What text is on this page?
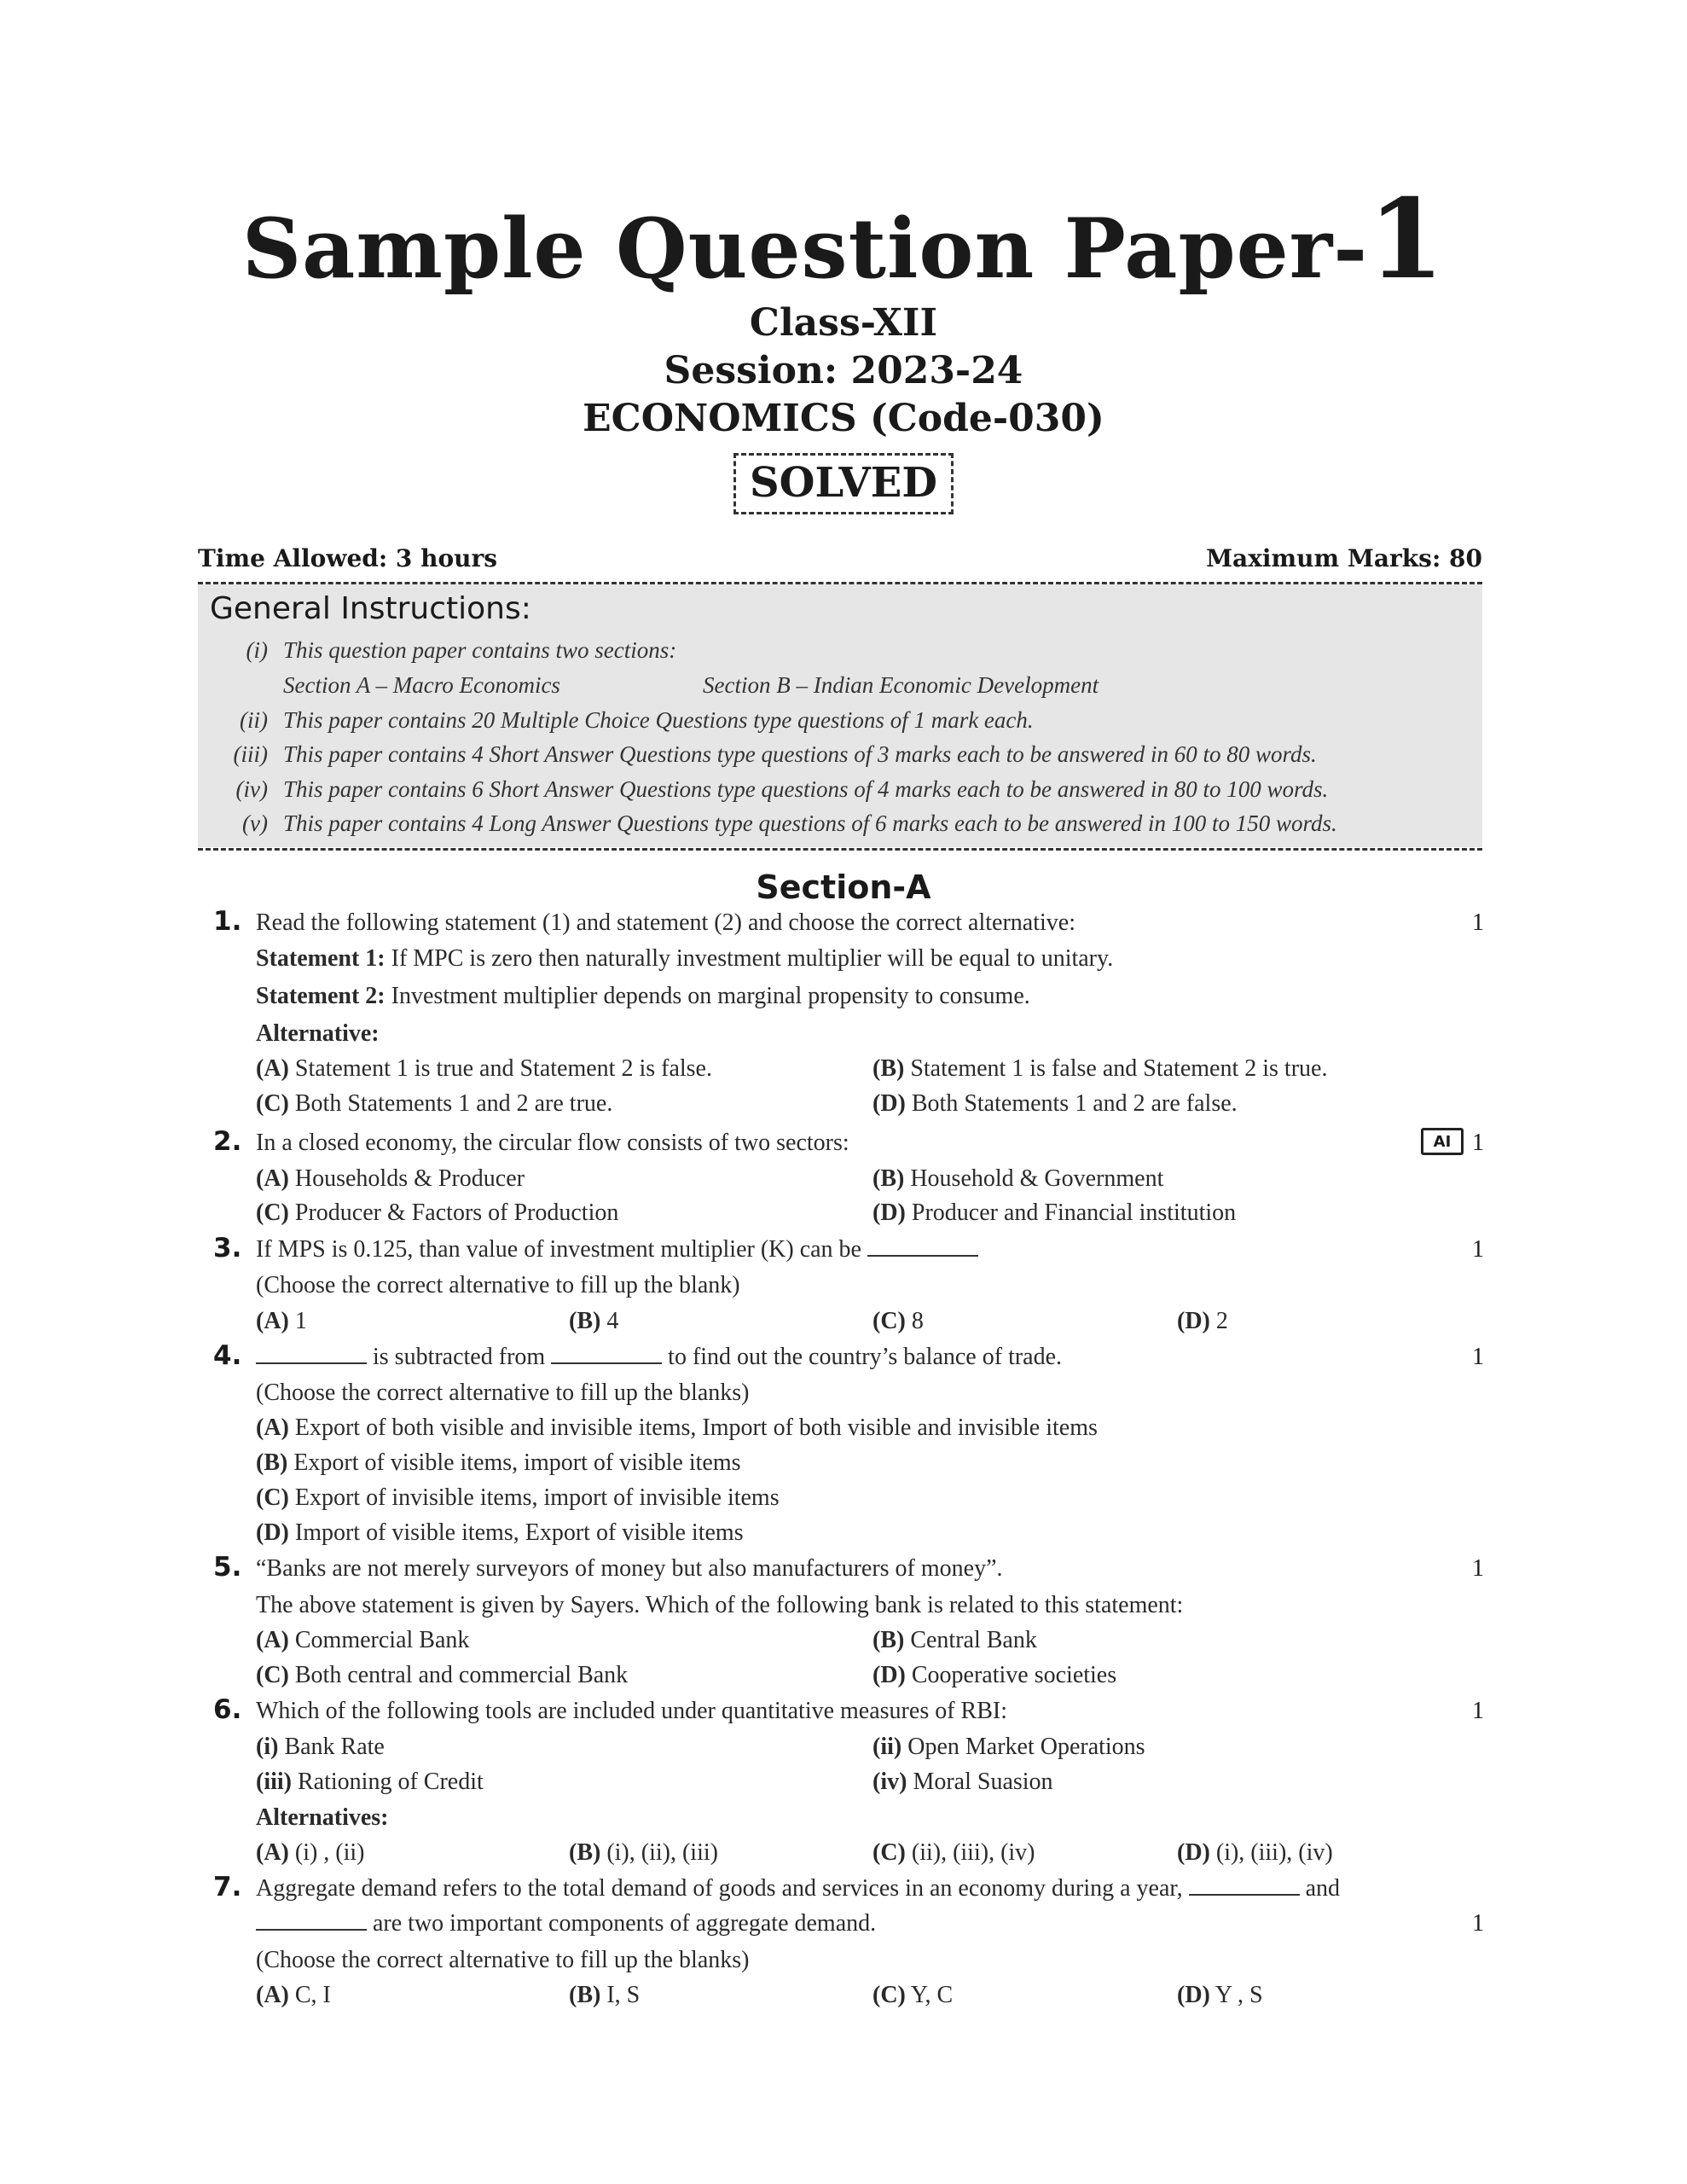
Sample Question Paper-1
Class-XII
Session: 2023-24
ECONOMICS (Code-030)
SOLVED
Time Allowed: 3 hours	Maximum Marks: 80
General Instructions:
(i) This question paper contains two sections:
Section A – Macro Economics	Section B – Indian Economic Development
(ii) This paper contains 20 Multiple Choice Questions type questions of 1 mark each.
(iii) This paper contains 4 Short Answer Questions type questions of 3 marks each to be answered in 60 to 80 words.
(iv) This paper contains 6 Short Answer Questions type questions of 4 marks each to be answered in 80 to 100 words.
(v) This paper contains 4 Long Answer Questions type questions of 6 marks each to be answered in 100 to 150 words.
Section-A
1. Read the following statement (1) and statement (2) and choose the correct alternative:	1
Statement 1: If MPC is zero then naturally investment multiplier will be equal to unitary.
Statement 2: Investment multiplier depends on marginal propensity to consume.
Alternative:
(A) Statement 1 is true and Statement 2 is false.	(B) Statement 1 is false and Statement 2 is true.
(C) Both Statements 1 and 2 are true.	(D) Both Statements 1 and 2 are false.
2. In a closed economy, the circular flow consists of two sectors:	AI 1
(A) Households & Producer	(B) Household & Government
(C) Producer & Factors of Production	(D) Producer and Financial institution
3. If MPS is 0.125, than value of investment multiplier (K) can be	1
(Choose the correct alternative to fill up the blank)
(A) 1	(B) 4	(C) 8	(D) 2
4.	is subtracted from	to find out the country’s balance of trade.	1
(Choose the correct alternative to fill up the blanks)
(A) Export of both visible and invisible items, Import of both visible and invisible items
(B) Export of visible items, import of visible items
(C) Export of invisible items, import of invisible items
(D) Import of visible items, Export of visible items
5. “Banks are not merely surveyors of money but also manufacturers of money”.	1
The above statement is given by Sayers. Which of the following bank is related to this statement:
(A) Commercial Bank	(B) Central Bank
(C) Both central and commercial Bank	(D) Cooperative societies
6. Which of the following tools are included under quantitative measures of RBI:	1
(i) Bank Rate	(ii) Open Market Operations
(iii) Rationing of Credit	(iv) Moral Suasion
Alternatives:
(A) (i) , (ii)	(B) (i), (ii), (iii)	(C) (ii), (iii), (iv)	(D) (i), (iii), (iv)
7. Aggregate demand refers to the total demand of goods and services in an economy during a year,	and
are two important components of aggregate demand.	1
(Choose the correct alternative to fill up the blanks)
(A) C, I	(B) I, S	(C) Y, C	(D) Y , S
